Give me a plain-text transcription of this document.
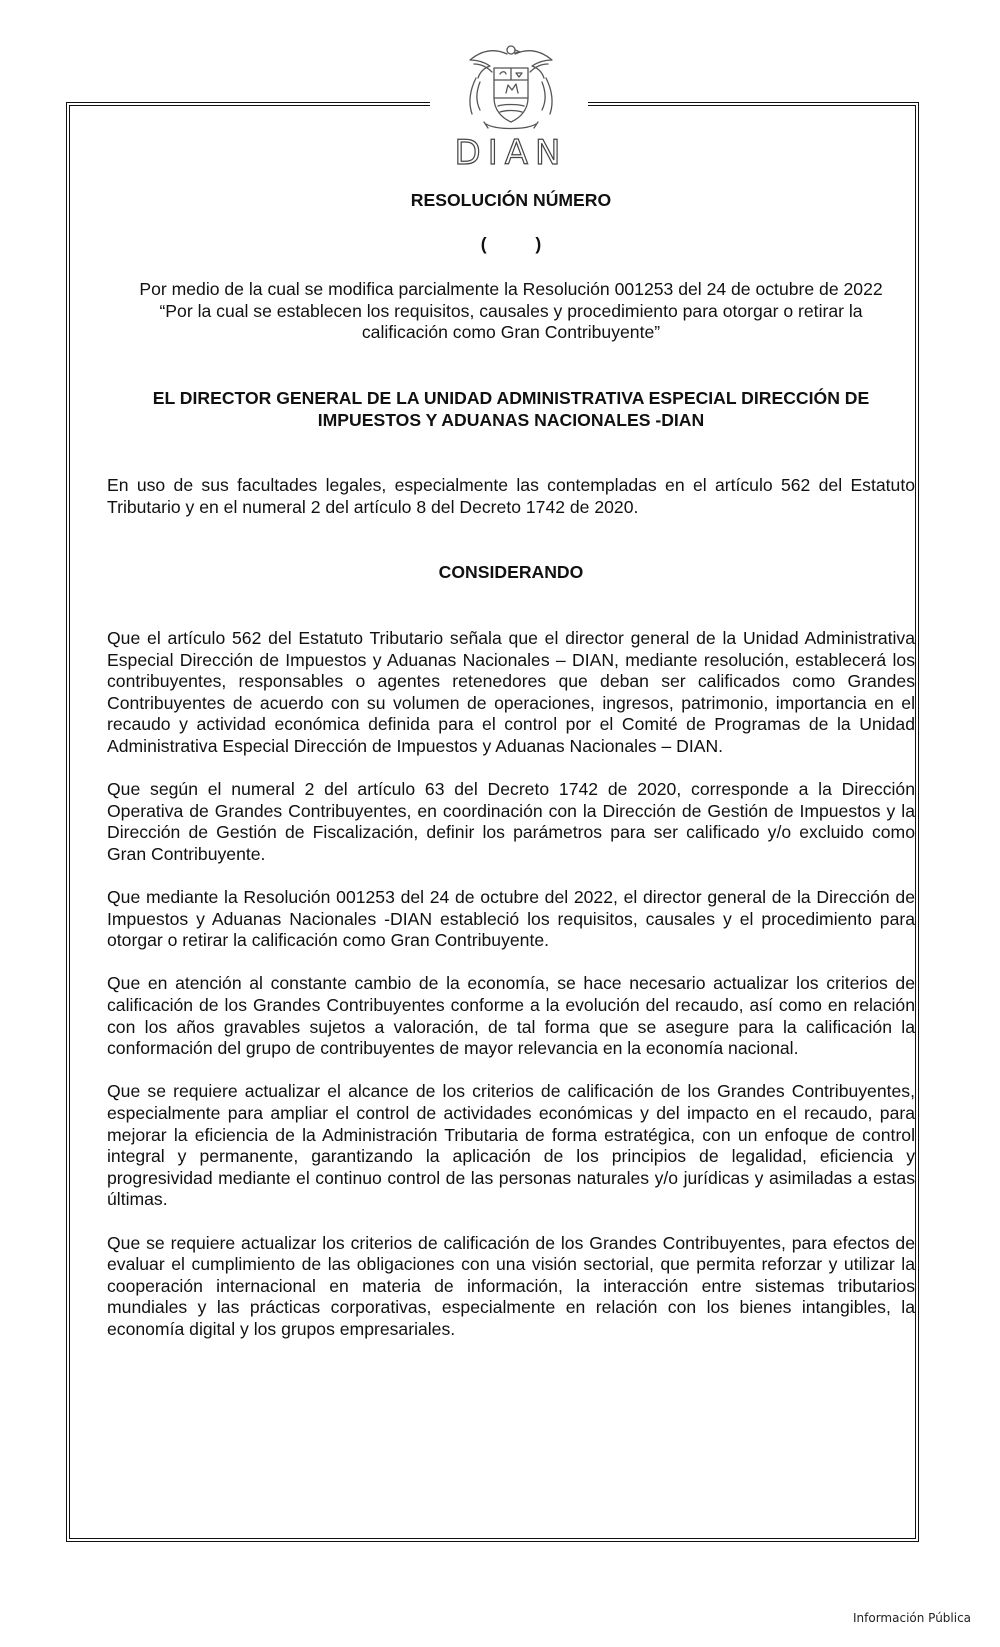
DIAN

RESOLUCIÓN NÚMERO

(          )

Por medio de la cual se modifica parcialmente la Resolución 001253 del 24 de octubre de 2022 “Por la cual se establecen los requisitos, causales y procedimiento para otorgar o retirar la calificación como Gran Contribuyente”

EL DIRECTOR GENERAL DE LA UNIDAD ADMINISTRATIVA ESPECIAL DIRECCIÓN DE IMPUESTOS Y ADUANAS NACIONALES -DIAN

En uso de sus facultades legales, especialmente las contempladas en el artículo 562 del Estatuto Tributario y en el numeral 2 del artículo 8 del Decreto 1742 de 2020.

CONSIDERANDO

Que el artículo 562 del Estatuto Tributario señala que el director general de la Unidad Administrativa Especial Dirección de Impuestos y Aduanas Nacionales – DIAN, mediante resolución, establecerá los contribuyentes, responsables o agentes retenedores que deban ser calificados como Grandes Contribuyentes de acuerdo con su volumen de operaciones, ingresos, patrimonio, importancia en el recaudo y actividad económica definida para el control por el Comité de Programas de la Unidad Administrativa Especial Dirección de Impuestos y Aduanas Nacionales – DIAN.

Que según el numeral 2 del artículo 63 del Decreto 1742 de 2020, corresponde a la Dirección Operativa de Grandes Contribuyentes, en coordinación con la Dirección de Gestión de Impuestos y la Dirección de Gestión de Fiscalización, definir los parámetros para ser calificado y/o excluido como Gran Contribuyente.

Que mediante la Resolución 001253 del 24 de octubre del 2022, el director general de la Dirección de Impuestos y Aduanas Nacionales -DIAN estableció los requisitos, causales y el procedimiento para otorgar o retirar la calificación como Gran Contribuyente.

Que en atención al constante cambio de la economía, se hace necesario actualizar los criterios de calificación de los Grandes Contribuyentes conforme a la evolución del recaudo, así como en relación con los años gravables sujetos a valoración, de tal forma que se asegure para la calificación la conformación del grupo de contribuyentes de mayor relevancia en la economía nacional.

Que se requiere actualizar el alcance de los criterios de calificación de los Grandes Contribuyentes, especialmente para ampliar el control de actividades económicas y del impacto en el recaudo, para mejorar la eficiencia de la Administración Tributaria de forma estratégica, con un enfoque de control integral y permanente, garantizando la aplicación de los principios de legalidad, eficiencia y progresividad mediante el continuo control de las personas naturales y/o jurídicas y asimiladas a estas últimas.

Que se requiere actualizar los criterios de calificación de los Grandes Contribuyentes, para efectos de evaluar el cumplimiento de las obligaciones con una visión sectorial, que permita reforzar y utilizar la cooperación internacional en materia de información, la interacción entre sistemas tributarios mundiales y las prácticas corporativas, especialmente en relación con los bienes intangibles, la economía digital y los grupos empresariales.

Información Pública
